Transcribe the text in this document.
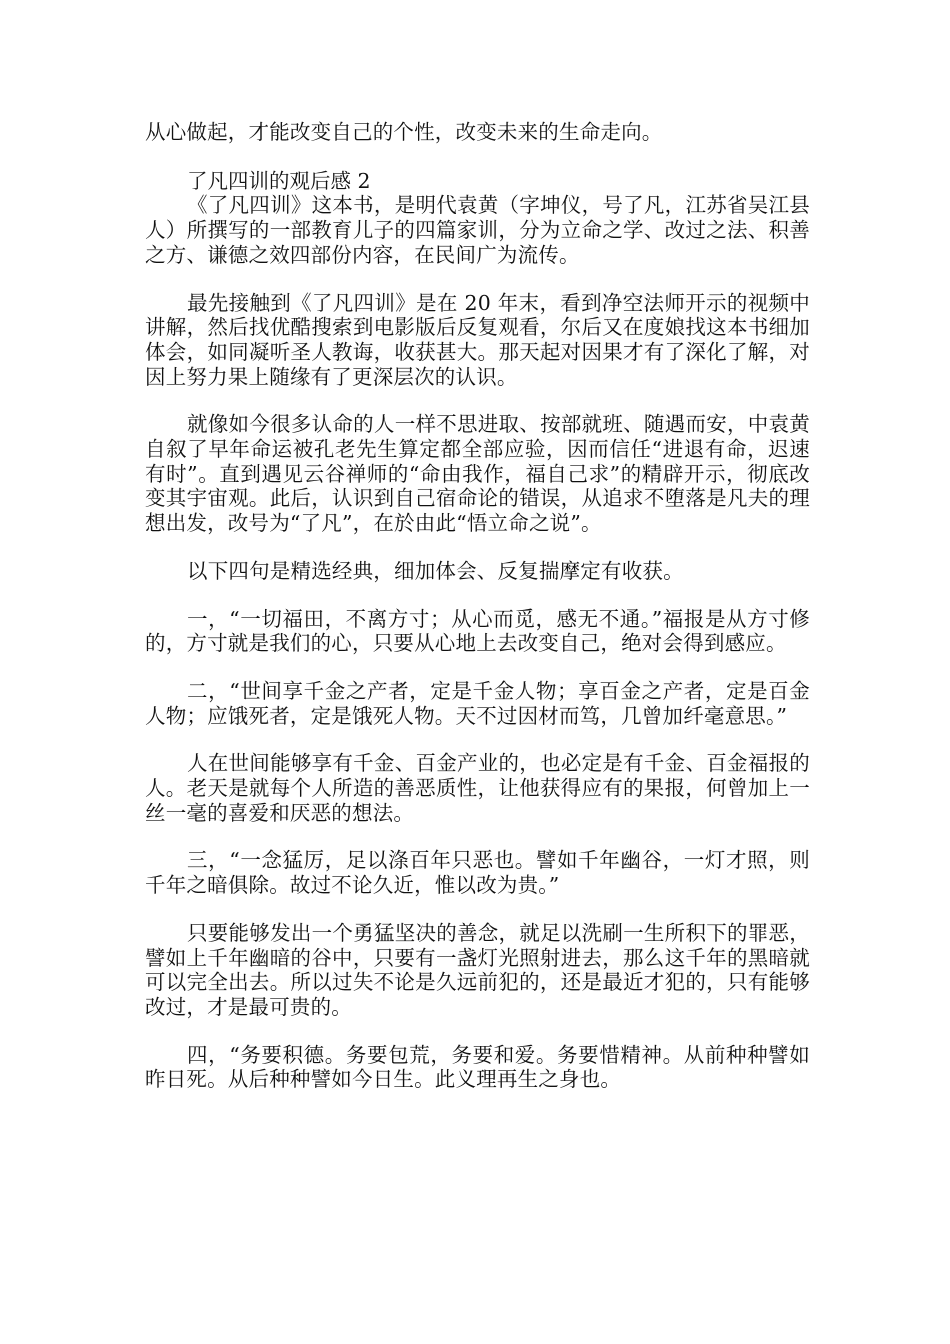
从心做起，才能改变自己的个性，改变未来的生命走向。

了凡四训的观后感 2

《了凡四训》这本书，是明代袁黄（字坤仪，号了凡，江苏省吴江县人）所撰写的一部教育儿子的四篇家训，分为立命之学、改过之法、积善之方、谦德之效四部份内容，在民间广为流传。

最先接触到《了凡四训》是在 20 年末，看到净空法师开示的视频中讲解，然后找优酷搜索到电影版后反复观看，尔后又在度娘找这本书细加体会，如同凝听圣人教诲，收获甚大。那天起对因果才有了深化了解，对因上努力果上随缘有了更深层次的认识。

就像如今很多认命的人一样不思进取、按部就班、随遇而安，中袁黄自叙了早年命运被孔老先生算定都全部应验，因而信任“进退有命，迟速有时”。直到遇见云谷禅师的“命由我作，福自己求”的精辟开示，彻底改变其宇宙观。此后，认识到自己宿命论的错误，从追求不堕落是凡夫的理想出发，改号为“了凡”，在於由此“悟立命之说”。

以下四句是精选经典，细加体会、反复揣摩定有收获。

一，“一切福田，不离方寸；从心而觅，感无不通。”福报是从方寸修的，方寸就是我们的心，只要从心地上去改变自己，绝对会得到感应。

二，“世间享千金之产者，定是千金人物；享百金之产者，定是百金人物；应饿死者，定是饿死人物。天不过因材而笃，几曾加纤毫意思。”

人在世间能够享有千金、百金产业的，也必定是有千金、百金福报的人。老天是就每个人所造的善恶质性，让他获得应有的果报，何曾加上一丝一毫的喜爱和厌恶的想法。

三，“一念猛厉，足以涤百年只恶也。譬如千年幽谷，一灯才照，则千年之暗俱除。故过不论久近，惟以改为贵。”

只要能够发出一个勇猛坚决的善念，就足以洗刷一生所积下的罪恶，譬如上千年幽暗的谷中，只要有一盏灯光照射进去，那么这千年的黑暗就可以完全出去。所以过失不论是久远前犯的，还是最近才犯的，只有能够改过，才是最可贵的。

四，“务要积德。务要包荒，务要和爱。务要惜精神。从前种种譬如昨日死。从后种种譬如今日生。此义理再生之身也。
